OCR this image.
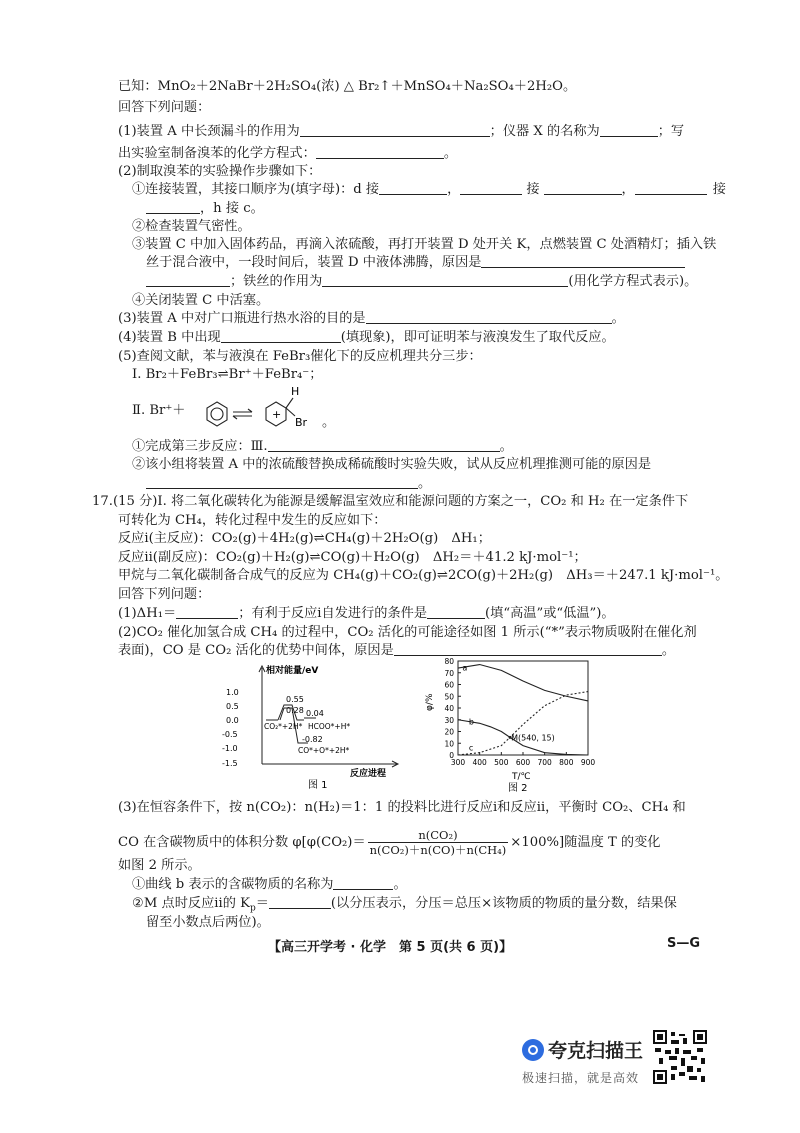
已知：MnO₂＋2NaBr＋2H₂SO₄(浓) △ Br₂↑＋MnSO₄＋Na₂SO₄＋2H₂O。
回答下列问题：
(1)装置 A 中长颈漏斗的作用为	；仪器 X 的名称为	；写
出实验室制备溴苯的化学方程式：	。
(2)制取溴苯的实验操作步骤如下：
①连接装置，其接口顺序为(填字母)：d 接	，	接	，	接
，h 接 c。
②检查装置气密性。
③装置 C 中加入固体药品，再滴入浓硫酸，再打开装置 D 处开关 K，点燃装置 C 处酒精灯；插入铁
丝于混合液中，一段时间后，装置 D 中液体沸腾，原因是
；铁丝的作用为	(用化学方程式表示)。
④关闭装置 C 中活塞。
(3)装置 A 中对广口瓶进行热水浴的目的是	。
(4)装置 B 中出现	(填现象)，即可证明苯与液溴发生了取代反应。
(5)查阅文献，苯与液溴在 FeBr₃催化下的反应机理共分三步：
Ⅰ. Br₂＋FeBr₃⇌Br⁺＋FeBr₄⁻；
Ⅱ. Br⁺＋	+
H
Br 。
①完成第三步反应：Ⅲ.	。
②该小组将装置 A 中的浓硫酸替换成稀硫酸时实验失败，试从反应机理推测可能的原因是
。
17.(15 分)Ⅰ. 将二氧化碳转化为能源是缓解温室效应和能源问题的方案之一，CO₂ 和 H₂ 在一定条件下
可转化为 CH₄，转化过程中发生的反应如下：
反应ⅰ(主反应)：CO₂(g)＋4H₂(g)⇌CH₄(g)＋2H₂O(g)　ΔH₁；
反应ⅱ(副反应)：CO₂(g)＋H₂(g)⇌CO(g)＋H₂O(g)　ΔH₂＝＋41.2 kJ·mol⁻¹；
甲烷与二氧化碳制备合成气的反应为 CH₄(g)＋CO₂(g)⇌2CO(g)＋2H₂(g)　ΔH₃＝＋247.1 kJ·mol⁻¹。
回答下列问题：
(1)ΔH₁＝	；有利于反应ⅰ自发进行的条件是	(填“高温”或“低温”)。
(2)CO₂ 催化加氢合成 CH₄ 的过程中，CO₂ 活化的可能途径如图 1 所示(“*”表示物质吸附在催化剂
表面)，CO 是 CO₂ 活化的优势中间体，原因是	。
相对能量/eV
1.0
0.5
0.0
-0.5
-1.0
-1.5
0.55
0.28 0.04
-0.82
CO₂*+2H* HCOO*+H*
CO*+O*+2H*
反应进程
图 1
0
10
20
30
40
50
60
70
80
300 400 500 600 700 800 900
a
b
c
φ/%
T/℃
图 2
M(540, 15)
(3)在恒容条件下，按 n(CO₂)：n(H₂)＝1：1 的投料比进行反应ⅰ和反应ⅱ，平衡时 CO₂、CH₄ 和
CO 在含碳物质中的体积分数 $\varphi[\varphi(CO_2)= \frac{\text{n(CO₂)}}{\text{n(CO₂)＋n(CO)＋n(CH₄)}} \times 100\%]$随温度 T 的变化
如图 2 所示。
①曲线 b 表示的含碳物质的名称为	。
②M 点时反应ⅱ的 $K_p=$	(以分压表示，分压＝总压×该物质的物质的量分数，结果保
留至小数点后两位)。
【高三开学考 · 化学　第 5 页(共 6 页)】	S—G
夸克扫描王
极速扫描，就是高效
